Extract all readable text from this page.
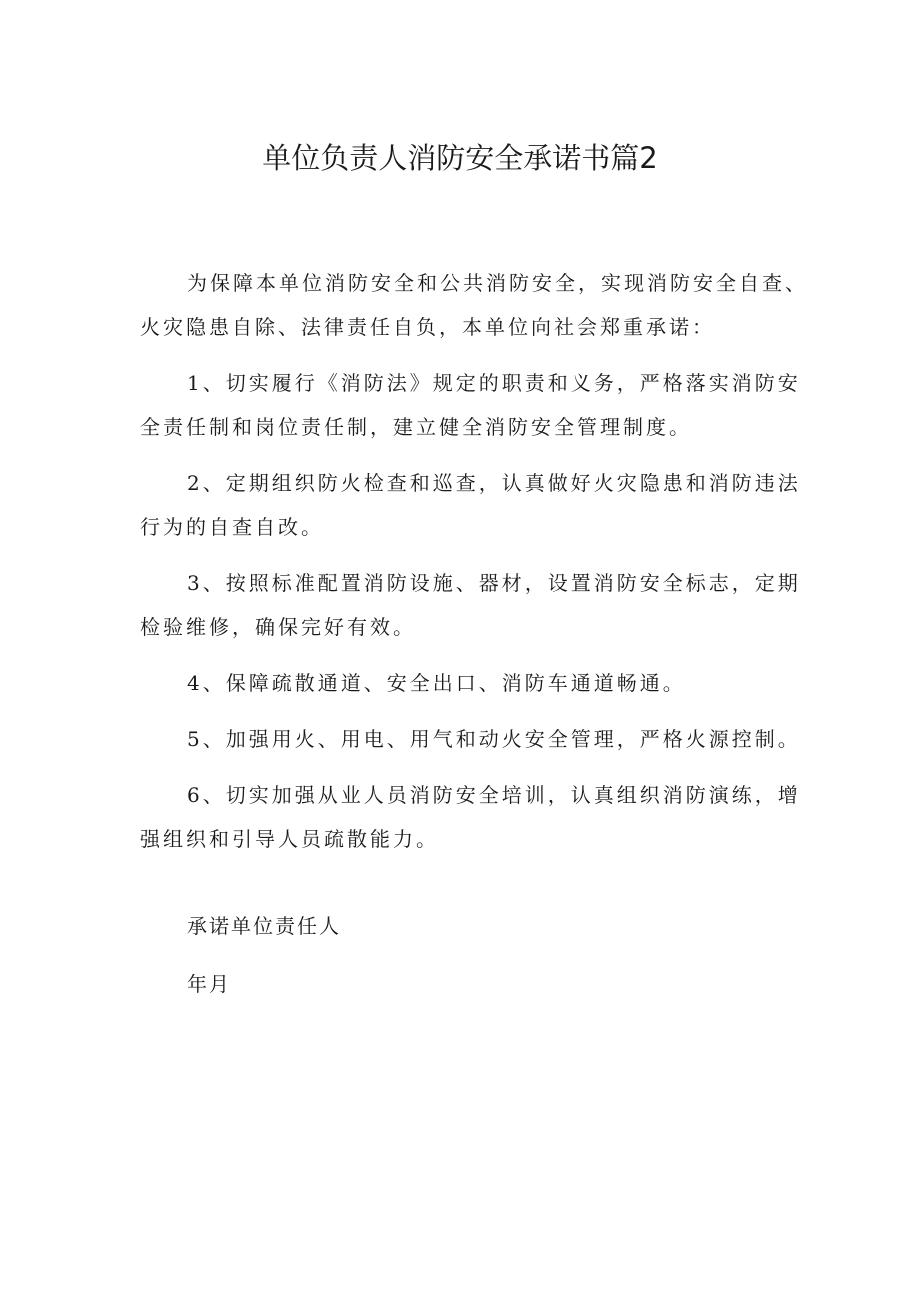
单位负责人消防安全承诺书篇2

为保障本单位消防安全和公共消防安全，实现消防安全自查、火灾隐患自除、法律责任自负，本单位向社会郑重承诺：

1、切实履行《消防法》规定的职责和义务，严格落实消防安全责任制和岗位责任制，建立健全消防安全管理制度。

2、定期组织防火检查和巡查，认真做好火灾隐患和消防违法行为的自查自改。

3、按照标准配置消防设施、器材，设置消防安全标志，定期检验维修，确保完好有效。

4、保障疏散通道、安全出口、消防车通道畅通。

5、加强用火、用电、用气和动火安全管理，严格火源控制。

6、切实加强从业人员消防安全培训，认真组织消防演练，增强组织和引导人员疏散能力。

承诺单位责任人

年月
